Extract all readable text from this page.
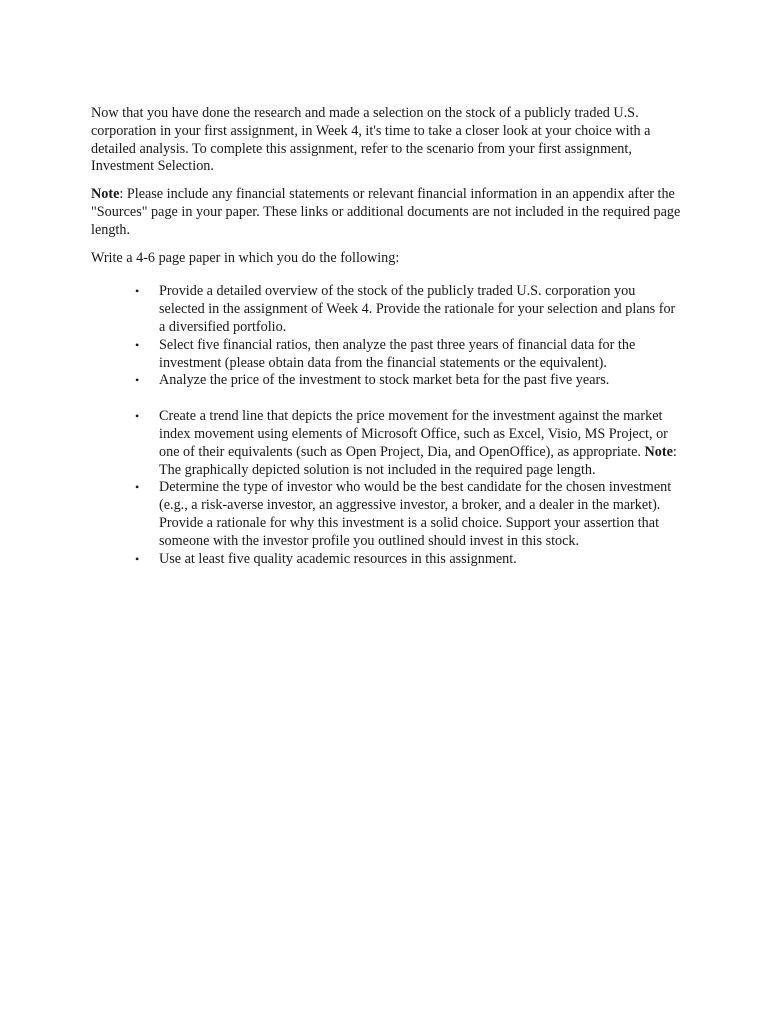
Now that you have done the research and made a selection on the stock of a publicly traded U.S. corporation in your first assignment, in Week 4, it's time to take a closer look at your choice with a detailed analysis. To complete this assignment, refer to the scenario from your first assignment, Investment Selection.

Note: Please include any financial statements or relevant financial information in an appendix after the "Sources" page in your paper. These links or additional documents are not included in the required page length.

Write a 4-6 page paper in which you do the following:

• Provide a detailed overview of the stock of the publicly traded U.S. corporation you selected in the assignment of Week 4. Provide the rationale for your selection and plans for a diversified portfolio.
• Select five financial ratios, then analyze the past three years of financial data for the investment (please obtain data from the financial statements or the equivalent).
• Analyze the price of the investment to stock market beta for the past five years.
• Create a trend line that depicts the price movement for the investment against the market index movement using elements of Microsoft Office, such as Excel, Visio, MS Project, or one of their equivalents (such as Open Project, Dia, and OpenOffice), as appropriate. Note: The graphically depicted solution is not included in the required page length.
• Determine the type of investor who would be the best candidate for the chosen investment (e.g., a risk-averse investor, an aggressive investor, a broker, and a dealer in the market). Provide a rationale for why this investment is a solid choice. Support your assertion that someone with the investor profile you outlined should invest in this stock.
• Use at least five quality academic resources in this assignment.
